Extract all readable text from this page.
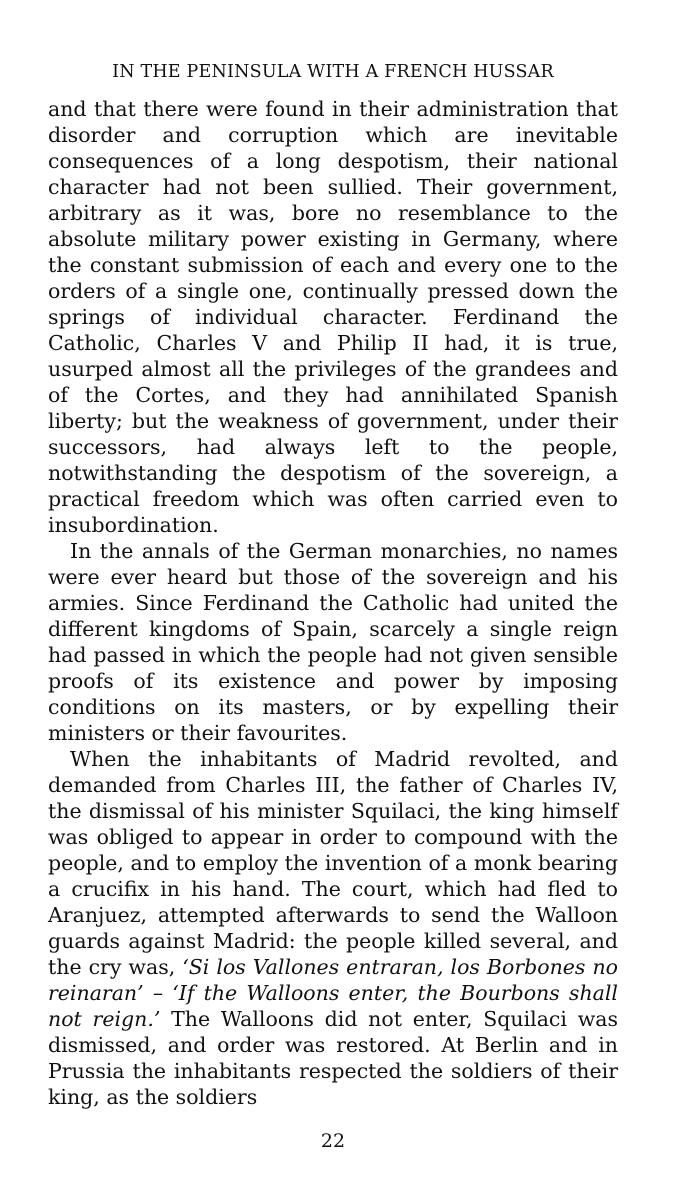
IN THE PENINSULA WITH A FRENCH HUSSAR

and that there were found in their administration that disorder and corruption which are inevitable consequences of a long despotism, their national character had not been sullied. Their government, arbitrary as it was, bore no resemblance to the absolute military power existing in Germany, where the constant submission of each and every one to the orders of a single one, continually pressed down the springs of individual character. Ferdinand the Catholic, Charles V and Philip II had, it is true, usurped almost all the privileges of the grandees and of the Cortes, and they had annihilated Spanish liberty; but the weakness of government, under their successors, had always left to the people, notwithstanding the despotism of the sovereign, a practical freedom which was often carried even to insubordination.

In the annals of the German monarchies, no names were ever heard but those of the sovereign and his armies. Since Ferdinand the Catholic had united the different kingdoms of Spain, scarcely a single reign had passed in which the people had not given sensible proofs of its existence and power by imposing conditions on its masters, or by expelling their ministers or their favourites.

When the inhabitants of Madrid revolted, and demanded from Charles III, the father of Charles IV, the dismissal of his minister Squilaci, the king himself was obliged to appear in order to compound with the people, and to employ the invention of a monk bearing a crucifix in his hand. The court, which had fled to Aranjuez, attempted afterwards to send the Walloon guards against Madrid: the people killed several, and the cry was, ‘Si los Vallones entraran, los Borbones no reinaran’ – ‘If the Walloons enter, the Bourbons shall not reign.’ The Walloons did not enter, Squilaci was dismissed, and order was restored. At Berlin and in Prussia the inhabitants respected the soldiers of their king, as the soldiers

22
